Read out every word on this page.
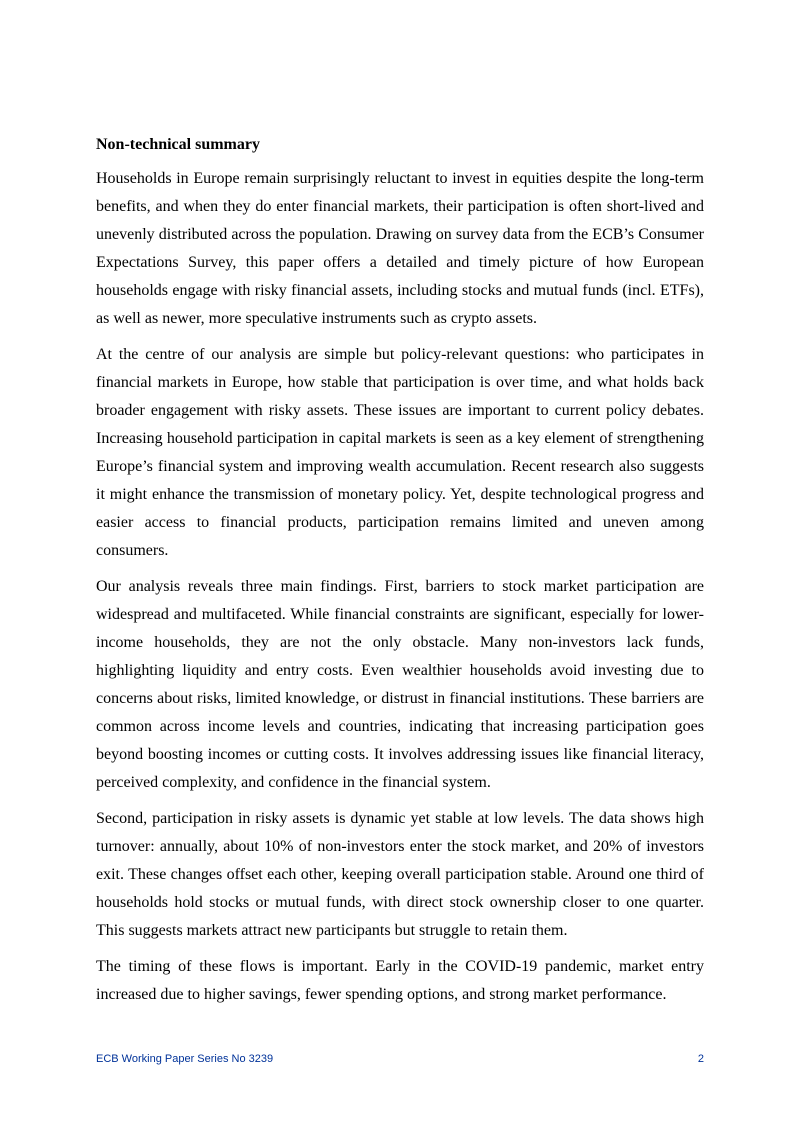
Non-technical summary

Households in Europe remain surprisingly reluctant to invest in equities despite the long-term benefits, and when they do enter financial markets, their participation is often short-lived and unevenly distributed across the population. Drawing on survey data from the ECB’s Consumer Expectations Survey, this paper offers a detailed and timely picture of how European households engage with risky financial assets, including stocks and mutual funds (incl. ETFs), as well as newer, more speculative instruments such as crypto assets.

At the centre of our analysis are simple but policy-relevant questions: who participates in financial markets in Europe, how stable that participation is over time, and what holds back broader engagement with risky assets. These issues are important to current policy debates. Increasing household participation in capital markets is seen as a key element of strengthening Europe’s financial system and improving wealth accumulation. Recent research also suggests it might enhance the transmission of monetary policy. Yet, despite technological progress and easier access to financial products, participation remains limited and uneven among consumers.

Our analysis reveals three main findings. First, barriers to stock market participation are widespread and multifaceted. While financial constraints are significant, especially for lower-income households, they are not the only obstacle. Many non-investors lack funds, highlighting liquidity and entry costs. Even wealthier households avoid investing due to concerns about risks, limited knowledge, or distrust in financial institutions. These barriers are common across income levels and countries, indicating that increasing participation goes beyond boosting incomes or cutting costs. It involves addressing issues like financial literacy, perceived complexity, and confidence in the financial system.

Second, participation in risky assets is dynamic yet stable at low levels. The data shows high turnover: annually, about 10% of non-investors enter the stock market, and 20% of investors exit. These changes offset each other, keeping overall participation stable. Around one third of households hold stocks or mutual funds, with direct stock ownership closer to one quarter. This suggests markets attract new participants but struggle to retain them.

The timing of these flows is important. Early in the COVID-19 pandemic, market entry increased due to higher savings, fewer spending options, and strong market performance.

ECB Working Paper Series No 3239	2
